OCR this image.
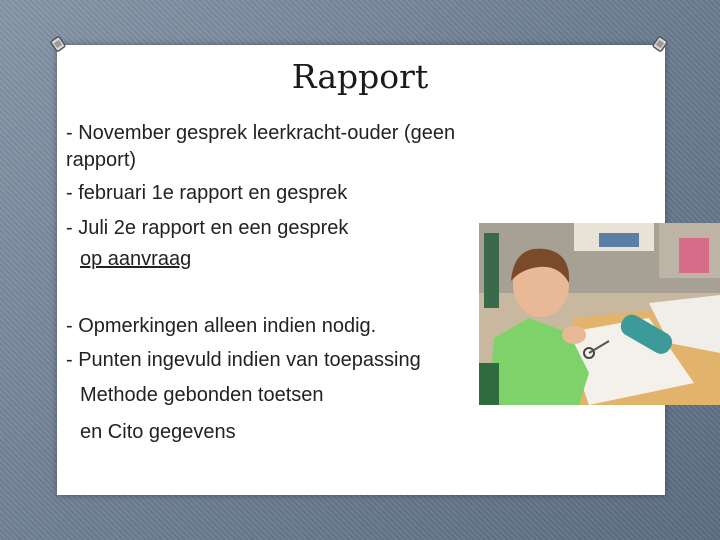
Rapport
- November gesprek leerkracht-ouder (geen
rapport)
- februari 1e rapport en gesprek
- Juli 2e rapport en een gesprek
op aanvraag
- Opmerkingen alleen indien nodig.
- Punten ingevuld indien van toepassing
Methode gebonden toetsen
en Cito gegevens
